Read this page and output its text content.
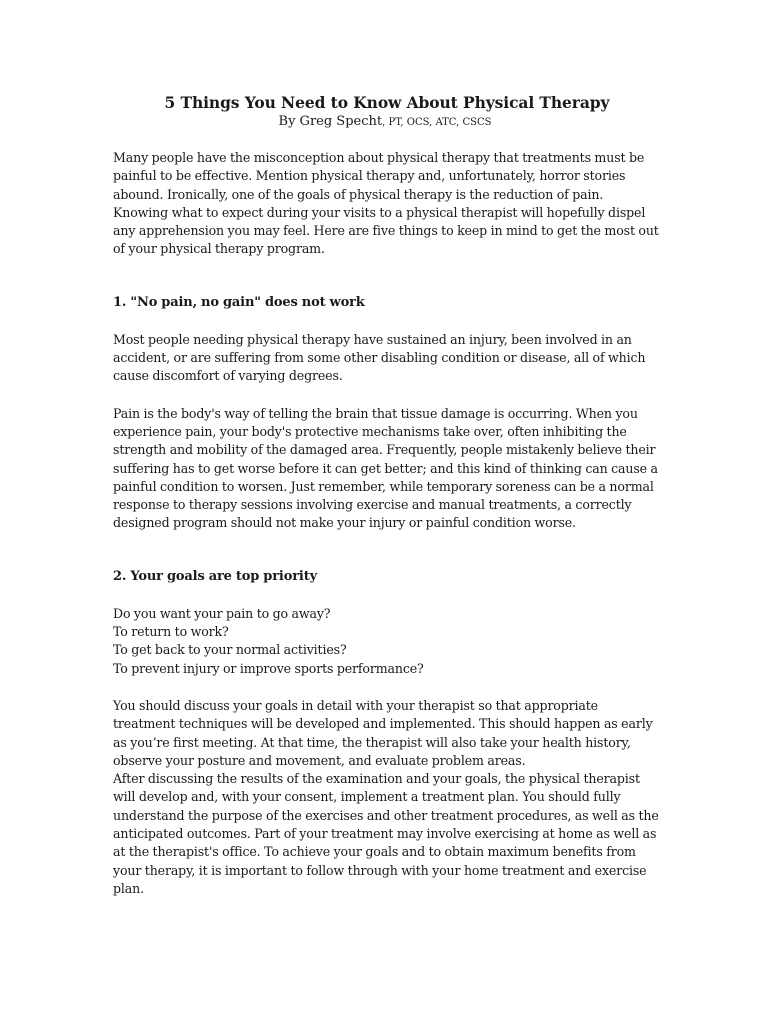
5 Things You Need to Know About Physical Therapy
By Greg Specht, PT, OCS, ATC, CSCS

Many people have the misconception about physical therapy that treatments must be painful to be effective. Mention physical therapy and, unfortunately, horror stories abound. Ironically, one of the goals of physical therapy is the reduction of pain. Knowing what to expect during your visits to a physical therapist will hopefully dispel any apprehension you may feel. Here are five things to keep in mind to get the most out of your physical therapy program.

1. "No pain, no gain" does not work

Most people needing physical therapy have sustained an injury, been involved in an accident, or are suffering from some other disabling condition or disease, all of which cause discomfort of varying degrees.

Pain is the body's way of telling the brain that tissue damage is occurring. When you experience pain, your body's protective mechanisms take over, often inhibiting the strength and mobility of the damaged area. Frequently, people mistakenly believe their suffering has to get worse before it can get better; and this kind of thinking can cause a painful condition to worsen. Just remember, while temporary soreness can be a normal response to therapy sessions involving exercise and manual treatments, a correctly designed program should not make your injury or painful condition worse.

2. Your goals are top priority

Do you want your pain to go away?

To return to work?

To get back to your normal activities?

To prevent injury or improve sports performance?

You should discuss your goals in detail with your therapist so that appropriate treatment techniques will be developed and implemented. This should happen as early as you’re first meeting. At that time, the therapist will also take your health history, observe your posture and movement, and evaluate problem areas.

After discussing the results of the examination and your goals, the physical therapist will develop and, with your consent, implement a treatment plan. You should fully understand the purpose of the exercises and other treatment procedures, as well as the anticipated outcomes. Part of your treatment may involve exercising at home as well as at the therapist's office. To achieve your goals and to obtain maximum benefits from your therapy, it is important to follow through with your home treatment and exercise plan.
